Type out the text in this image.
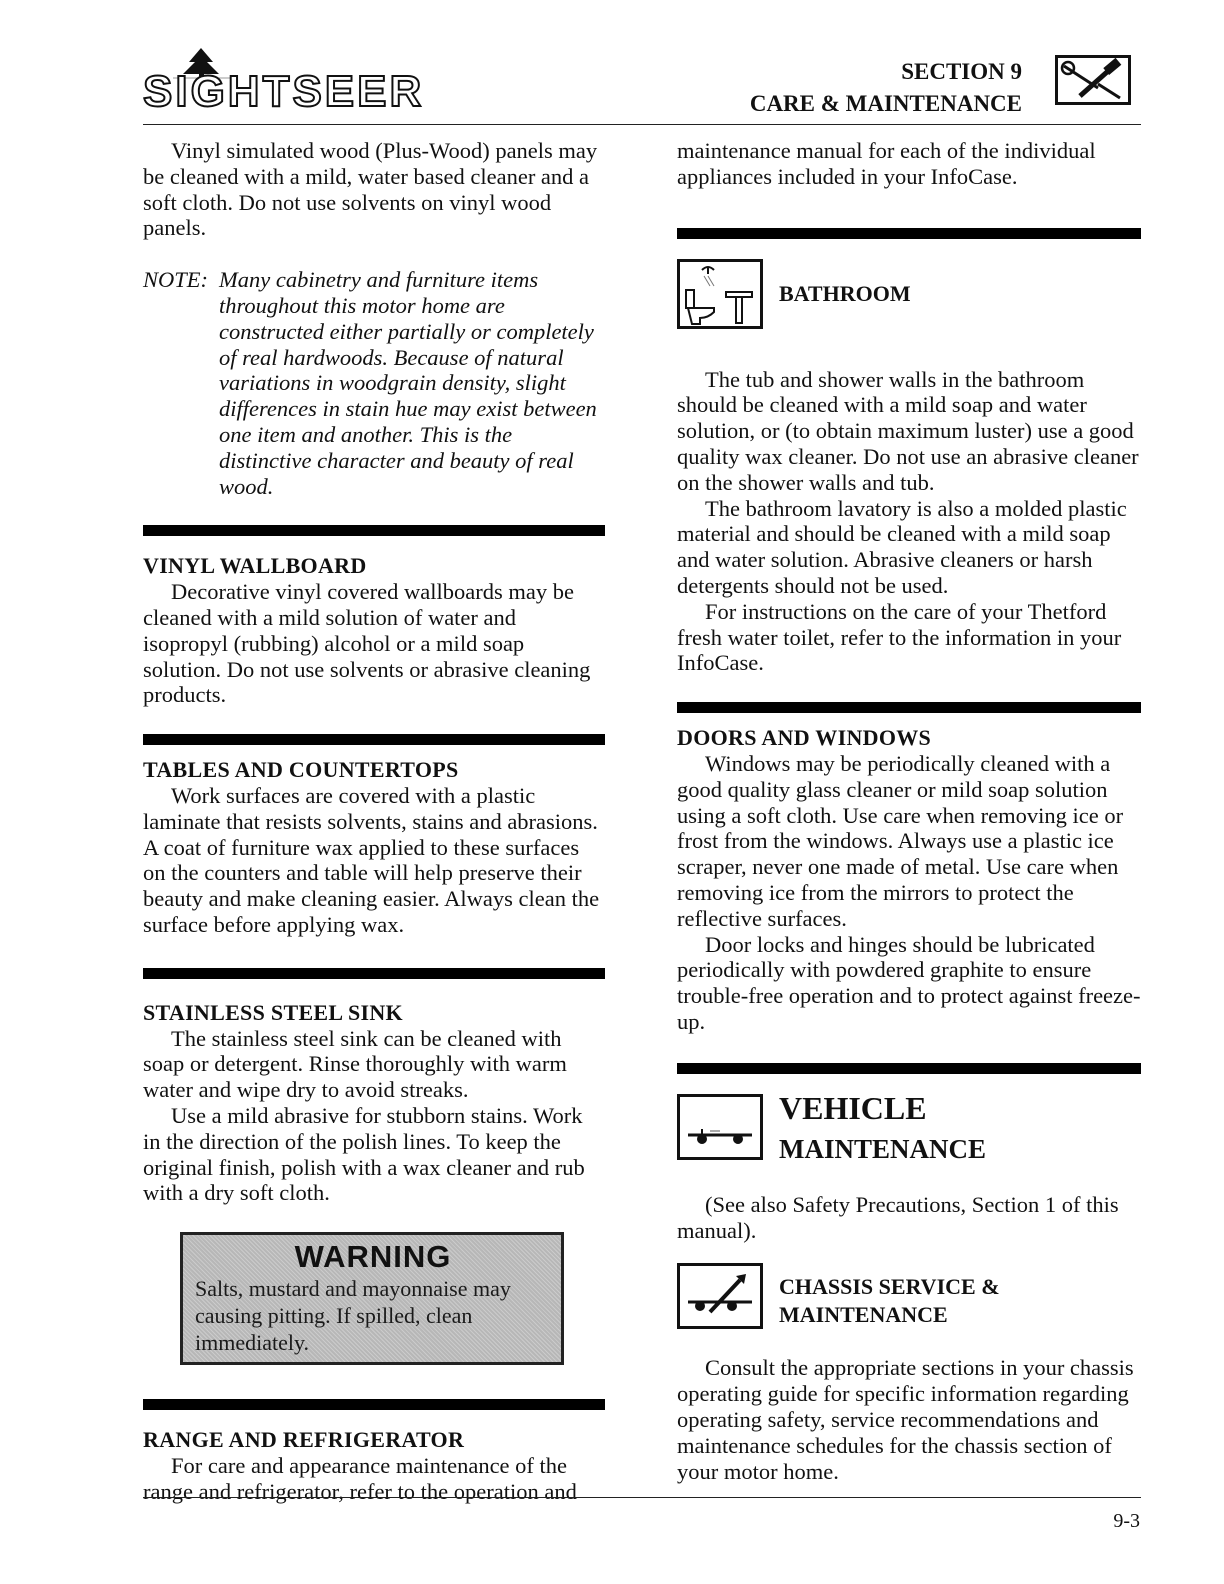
SIGHTSEER	SECTION 9
CARE & MAINTENANCE

Vinyl simulated wood (Plus-Wood) panels may be cleaned with a mild, water based cleaner and a soft cloth. Do not use solvents on vinyl wood panels.

NOTE: Many cabinetry and furniture items throughout this motor home are constructed either partially or completely of real hardwoods. Because of natural variations in woodgrain density, slight differences in stain hue may exist between one item and another. This is the distinctive character and beauty of real wood.

VINYL WALLBOARD

Decorative vinyl covered wallboards may be cleaned with a mild solution of water and isopropyl (rubbing) alcohol or a mild soap solution. Do not use solvents or abrasive cleaning products.

TABLES AND COUNTERTOPS

Work surfaces are covered with a plastic laminate that resists solvents, stains and abrasions. A coat of furniture wax applied to these surfaces on the counters and table will help preserve their beauty and make cleaning easier. Always clean the surface before applying wax.

STAINLESS STEEL SINK

The stainless steel sink can be cleaned with soap or detergent. Rinse thoroughly with warm water and wipe dry to avoid streaks.

Use a mild abrasive for stubborn stains. Work in the direction of the polish lines. To keep the original finish, polish with a wax cleaner and rub with a dry soft cloth.

WARNING
Salts, mustard and mayonnaise may causing pitting. If spilled, clean immediately.
RANGE AND REFRIGERATOR

For care and appearance maintenance of the range and refrigerator, refer to the operation and

maintenance manual for each of the individual appliances included in your InfoCase.

BATHROOM

The tub and shower walls in the bathroom should be cleaned with a mild soap and water solution, or (to obtain maximum luster) use a good quality wax cleaner. Do not use an abrasive cleaner on the shower walls and tub.

The bathroom lavatory is also a molded plastic material and should be cleaned with a mild soap and water solution. Abrasive cleaners or harsh detergents should not be used.

For instructions on the care of your Thetford fresh water toilet, refer to the information in your InfoCase.

DOORS AND WINDOWS

Windows may be periodically cleaned with a good quality glass cleaner or mild soap solution using a soft cloth. Use care when removing ice or frost from the windows. Always use a plastic ice scraper, never one made of metal. Use care when removing ice from the mirrors to protect the reflective surfaces.

Door locks and hinges should be lubricated periodically with powdered graphite to ensure trouble-free operation and to protect against freeze-up.

VEHICLE
MAINTENANCE

(See also Safety Precautions, Section 1 of this manual).

CHASSIS SERVICE &
MAINTENANCE

Consult the appropriate sections in your chassis operating guide for specific information regarding operating safety, service recommendations and maintenance schedules for the chassis section of your motor home.

9-3
